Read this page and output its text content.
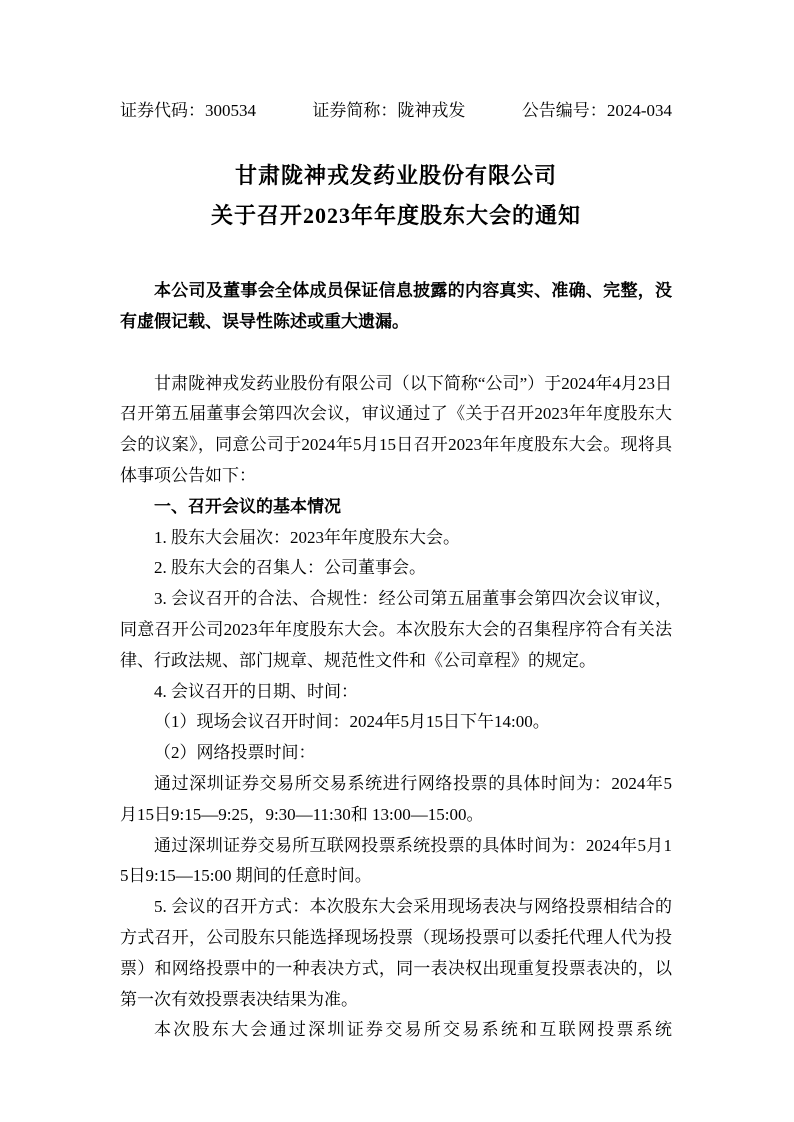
证券代码：300534	证券简称：陇神戎发	公告编号：2024-034
甘肃陇神戎发药业股份有限公司
关于召开2023年年度股东大会的通知

本公司及董事会全体成员保证信息披露的内容真实、准确、完整，没有虚假记载、误导性陈述或重大遗漏。

甘肃陇神戎发药业股份有限公司（以下简称“公司”）于2024年4月23日召开第五届董事会第四次会议，审议通过了《关于召开2023年年度股东大会的议案》，同意公司于2024年5月15日召开2023年年度股东大会。现将具体事项公告如下：

一、召开会议的基本情况

1. 股东大会届次：2023年年度股东大会。

2. 股东大会的召集人：公司董事会。

3. 会议召开的合法、合规性：经公司第五届董事会第四次会议审议，同意召开公司2023年年度股东大会。本次股东大会的召集程序符合有关法律、行政法规、部门规章、规范性文件和《公司章程》的规定。

4. 会议召开的日期、时间：

（1）现场会议召开时间：2024年5月15日下午14:00。

（2）网络投票时间：

通过深圳证券交易所交易系统进行网络投票的具体时间为：2024年5月15日9:15—9:25，9:30—11:30和 13:00—15:00。

通过深圳证券交易所互联网投票系统投票的具体时间为：2024年5月15日9:15—15:00 期间的任意时间。

5. 会议的召开方式：本次股东大会采用现场表决与网络投票相结合的方式召开，公司股东只能选择现场投票（现场投票可以委托代理人代为投票）和网络投票中的一种表决方式，同一表决权出现重复投票表决的，以第一次有效投票表决结果为准。

本次股东大会通过深圳证券交易所交易系统和互联网投票系统
